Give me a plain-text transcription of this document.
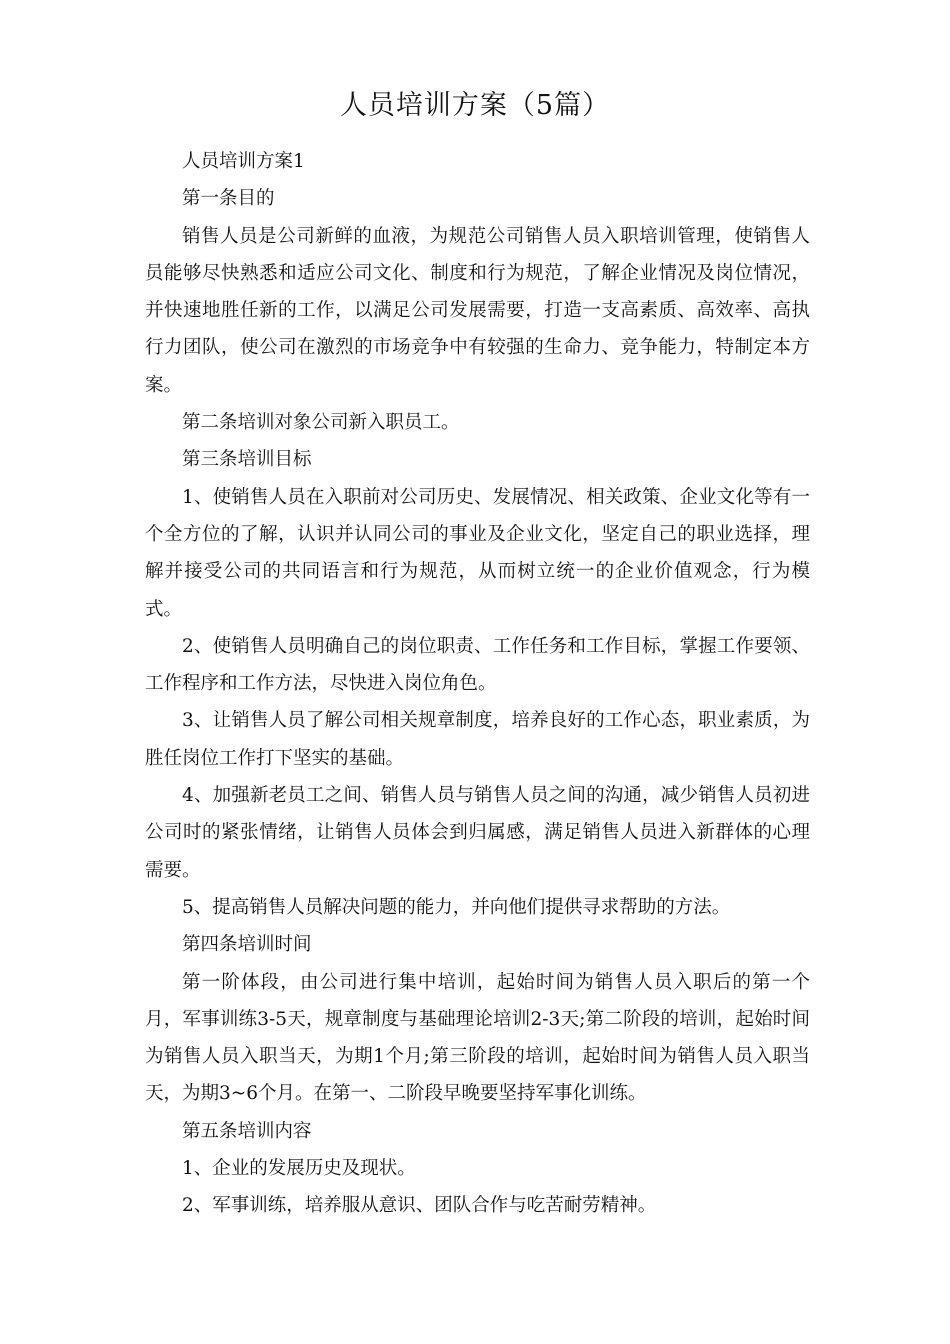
人员培训方案（5篇）

人员培训方案1

第一条目的

销售人员是公司新鲜的血液，为规范公司销售人员入职培训管理，使销售人员能够尽快熟悉和适应公司文化、制度和行为规范，了解企业情况及岗位情况，并快速地胜任新的工作，以满足公司发展需要，打造一支高素质、高效率、高执行力团队，使公司在激烈的市场竞争中有较强的生命力、竞争能力，特制定本方案。

第二条培训对象公司新入职员工。

第三条培训目标

1、使销售人员在入职前对公司历史、发展情况、相关政策、企业文化等有一个全方位的了解，认识并认同公司的事业及企业文化，坚定自己的职业选择，理解并接受公司的共同语言和行为规范，从而树立统一的企业价值观念，行为模式。

2、使销售人员明确自己的岗位职责、工作任务和工作目标，掌握工作要领、工作程序和工作方法，尽快进入岗位角色。

3、让销售人员了解公司相关规章制度，培养良好的工作心态，职业素质，为胜任岗位工作打下坚实的基础。

4、加强新老员工之间、销售人员与销售人员之间的沟通，减少销售人员初进公司时的紧张情绪，让销售人员体会到归属感，满足销售人员进入新群体的心理需要。

5、提高销售人员解决问题的能力，并向他们提供寻求帮助的方法。

第四条培训时间

第一阶体段，由公司进行集中培训，起始时间为销售人员入职后的第一个月，军事训练3-5天，规章制度与基础理论培训2-3天;第二阶段的培训，起始时间为销售人员入职当天，为期1个月;第三阶段的培训，起始时间为销售人员入职当天，为期3~6个月。在第一、二阶段早晚要坚持军事化训练。

第五条培训内容

1、企业的发展历史及现状。

2、军事训练，培养服从意识、团队合作与吃苦耐劳精神。
